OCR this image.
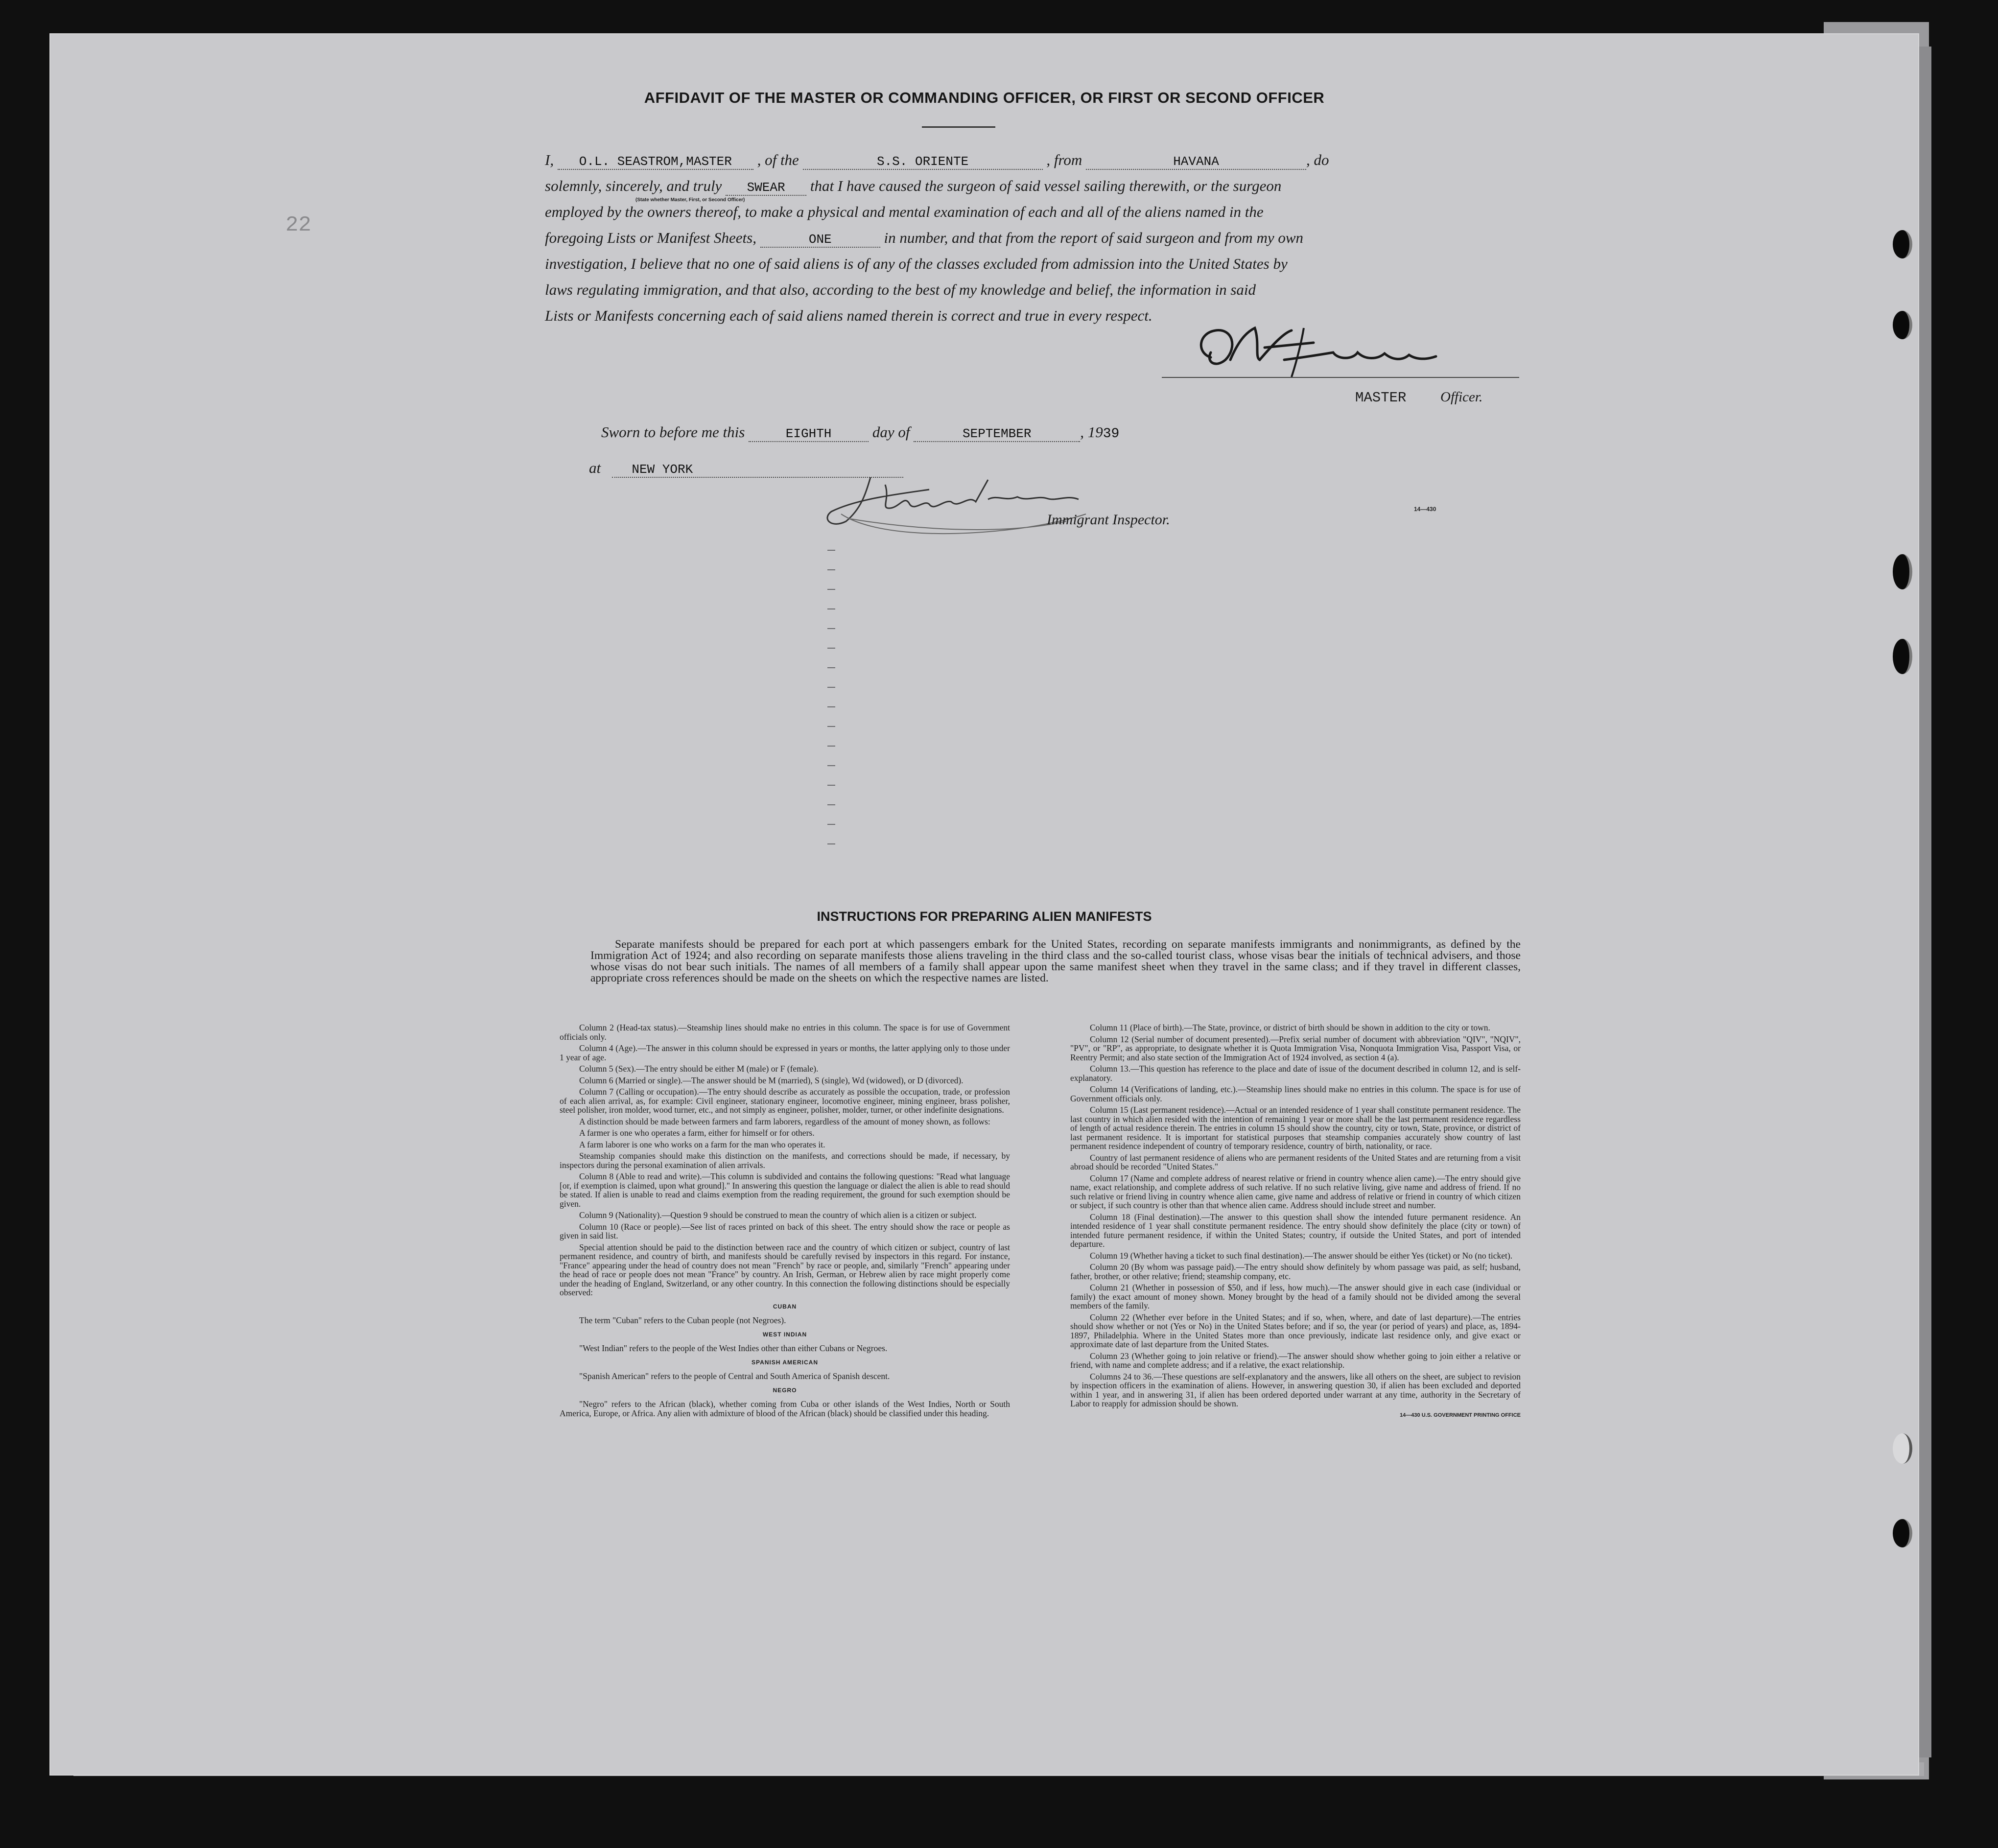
22
AFFIDAVIT OF THE MASTER OR COMMANDING OFFICER, OR FIRST OR SECOND OFFICER
I, O.L. SEASTROM,MASTER , of the	S.S. ORIENTE	, from	HAVANA	, do
solemnly, sincerely, and truly SWEAR that I have caused the surgeon of said vessel sailing therewith, or the surgeon
employed by the owners thereof, to make a physical and mental examination of each and all of the aliens named in the
foregoing Lists or Manifest Sheets,	ONE	in number, and that from the report of said surgeon and from my own
investigation, I believe that no one of said aliens is of any of the classes excluded from admission into the United States by
laws regulating immigration, and that also, according to the best of my knowledge and belief, the information in said
Lists or Manifests concerning each of said aliens named therein is correct and true in every respect.
(State whether Master, First, or Second Officer)
MASTER Officer.
Sworn to before me this	EIGHTH	day of	SEPTEMBER	, 1939
at NEW YORK
Immigrant Inspector.
14—430
INSTRUCTIONS FOR PREPARING ALIEN MANIFESTS

Separate manifests should be prepared for each port at which passengers embark for the United States, recording on separate manifests immigrants and nonimmigrants, as defined by the Immigration Act of 1924; and also recording on separate manifests those aliens traveling in the third class and the so-called tourist class, whose visas bear the initials of technical advisers, and those whose visas do not bear such initials. The names of all members of a family shall appear upon the same manifest sheet when they travel in the same class; and if they travel in different classes, appropriate cross references should be made on the sheets on which the respective names are listed.

Column 2 (Head-tax status).—Steamship lines should make no entries in this column. The space is for use of Government officials only.

Column 4 (Age).—The answer in this column should be expressed in years or months, the latter applying only to those under 1 year of age.

Column 5 (Sex).—The entry should be either M (male) or F (female).

Column 6 (Married or single).—The answer should be M (married), S (single), Wd (widowed), or D (divorced).

Column 7 (Calling or occupation).—The entry should describe as accurately as possible the occupation, trade, or profession of each alien arrival, as, for example: Civil engineer, stationary engineer, locomotive engineer, mining engineer, brass polisher, steel polisher, iron molder, wood turner, etc., and not simply as engineer, polisher, molder, turner, or other indefinite designations.

A distinction should be made between farmers and farm laborers, regardless of the amount of money shown, as follows:

A farmer is one who operates a farm, either for himself or for others.

A farm laborer is one who works on a farm for the man who operates it.

Steamship companies should make this distinction on the manifests, and corrections should be made, if necessary, by inspectors during the personal examination of alien arrivals.

Column 8 (Able to read and write).—This column is subdivided and contains the following questions: "Read what language [or, if exemption is claimed, upon what ground]." In answering this question the language or dialect the alien is able to read should be stated. If alien is unable to read and claims exemption from the reading requirement, the ground for such exemption should be given.

Column 9 (Nationality).—Question 9 should be construed to mean the country of which alien is a citizen or subject.

Column 10 (Race or people).—See list of races printed on back of this sheet. The entry should show the race or people as given in said list.

Special attention should be paid to the distinction between race and the country of which citizen or subject, country of last permanent residence, and country of birth, and manifests should be carefully revised by inspectors in this regard. For instance, "France" appearing under the head of country does not mean "French" by race or people, and, similarly "French" appearing under the head of race or people does not mean "France" by country. An Irish, German, or Hebrew alien by race might properly come under the heading of England, Switzerland, or any other country. In this connection the following distinctions should be especially observed:

CUBAN

The term "Cuban" refers to the Cuban people (not Negroes).

WEST INDIAN

"West Indian" refers to the people of the West Indies other than either Cubans or Negroes.

SPANISH AMERICAN

"Spanish American" refers to the people of Central and South America of Spanish descent.

NEGRO

"Negro" refers to the African (black), whether coming from Cuba or other islands of the West Indies, North or South America, Europe, or Africa. Any alien with admixture of blood of the African (black) should be classified under this heading.

Column 11 (Place of birth).—The State, province, or district of birth should be shown in addition to the city or town.

Column 12 (Serial number of document presented).—Prefix serial number of document with abbreviation "QIV", "NQIV", "PV", or "RP", as appropriate, to designate whether it is Quota Immigration Visa, Nonquota Immigration Visa, Passport Visa, or Reentry Permit; and also state section of the Immigration Act of 1924 involved, as section 4 (a).

Column 13.—This question has reference to the place and date of issue of the document described in column 12, and is self-explanatory.

Column 14 (Verifications of landing, etc.).—Steamship lines should make no entries in this column. The space is for use of Government officials only.

Column 15 (Last permanent residence).—Actual or an intended residence of 1 year shall constitute permanent residence. The last country in which alien resided with the intention of remaining 1 year or more shall be the last permanent residence regardless of length of actual residence therein. The entries in column 15 should show the country, city or town, State, province, or district of last permanent residence. It is important for statistical purposes that steamship companies accurately show country of last permanent residence independent of country of temporary residence, country of birth, nationality, or race.

Country of last permanent residence of aliens who are permanent residents of the United States and are returning from a visit abroad should be recorded "United States."

Column 17 (Name and complete address of nearest relative or friend in country whence alien came).—The entry should give name, exact relationship, and complete address of such relative. If no such relative living, give name and address of friend. If no such relative or friend living in country whence alien came, give name and address of relative or friend in country of which citizen or subject, if such country is other than that whence alien came. Address should include street and number.

Column 18 (Final destination).—The answer to this question shall show the intended future permanent residence. An intended residence of 1 year shall constitute permanent residence. The entry should show definitely the place (city or town) of intended future permanent residence, if within the United States; country, if outside the United States, and port of intended departure.

Column 19 (Whether having a ticket to such final destination).—The answer should be either Yes (ticket) or No (no ticket).

Column 20 (By whom was passage paid).—The entry should show definitely by whom passage was paid, as self; husband, father, brother, or other relative; friend; steamship company, etc.

Column 21 (Whether in possession of $50, and if less, how much).—The answer should give in each case (individual or family) the exact amount of money shown. Money brought by the head of a family should not be divided among the several members of the family.

Column 22 (Whether ever before in the United States; and if so, when, where, and date of last departure).—The entries should show whether or not (Yes or No) in the United States before; and if so, the year (or period of years) and place, as, 1894-1897, Philadelphia. Where in the United States more than once previously, indicate last residence only, and give exact or approximate date of last departure from the United States.

Column 23 (Whether going to join relative or friend).—The answer should show whether going to join either a relative or friend, with name and complete address; and if a relative, the exact relationship.

Columns 24 to 36.—These questions are self-explanatory and the answers, like all others on the sheet, are subject to revision by inspection officers in the examination of aliens. However, in answering question 30, if alien has been excluded and deported within 1 year, and in answering 31, if alien has been ordered deported under warrant at any time, authority in the Secretary of Labor to reapply for admission should be shown.

14—430 U.S. GOVERNMENT PRINTING OFFICE
